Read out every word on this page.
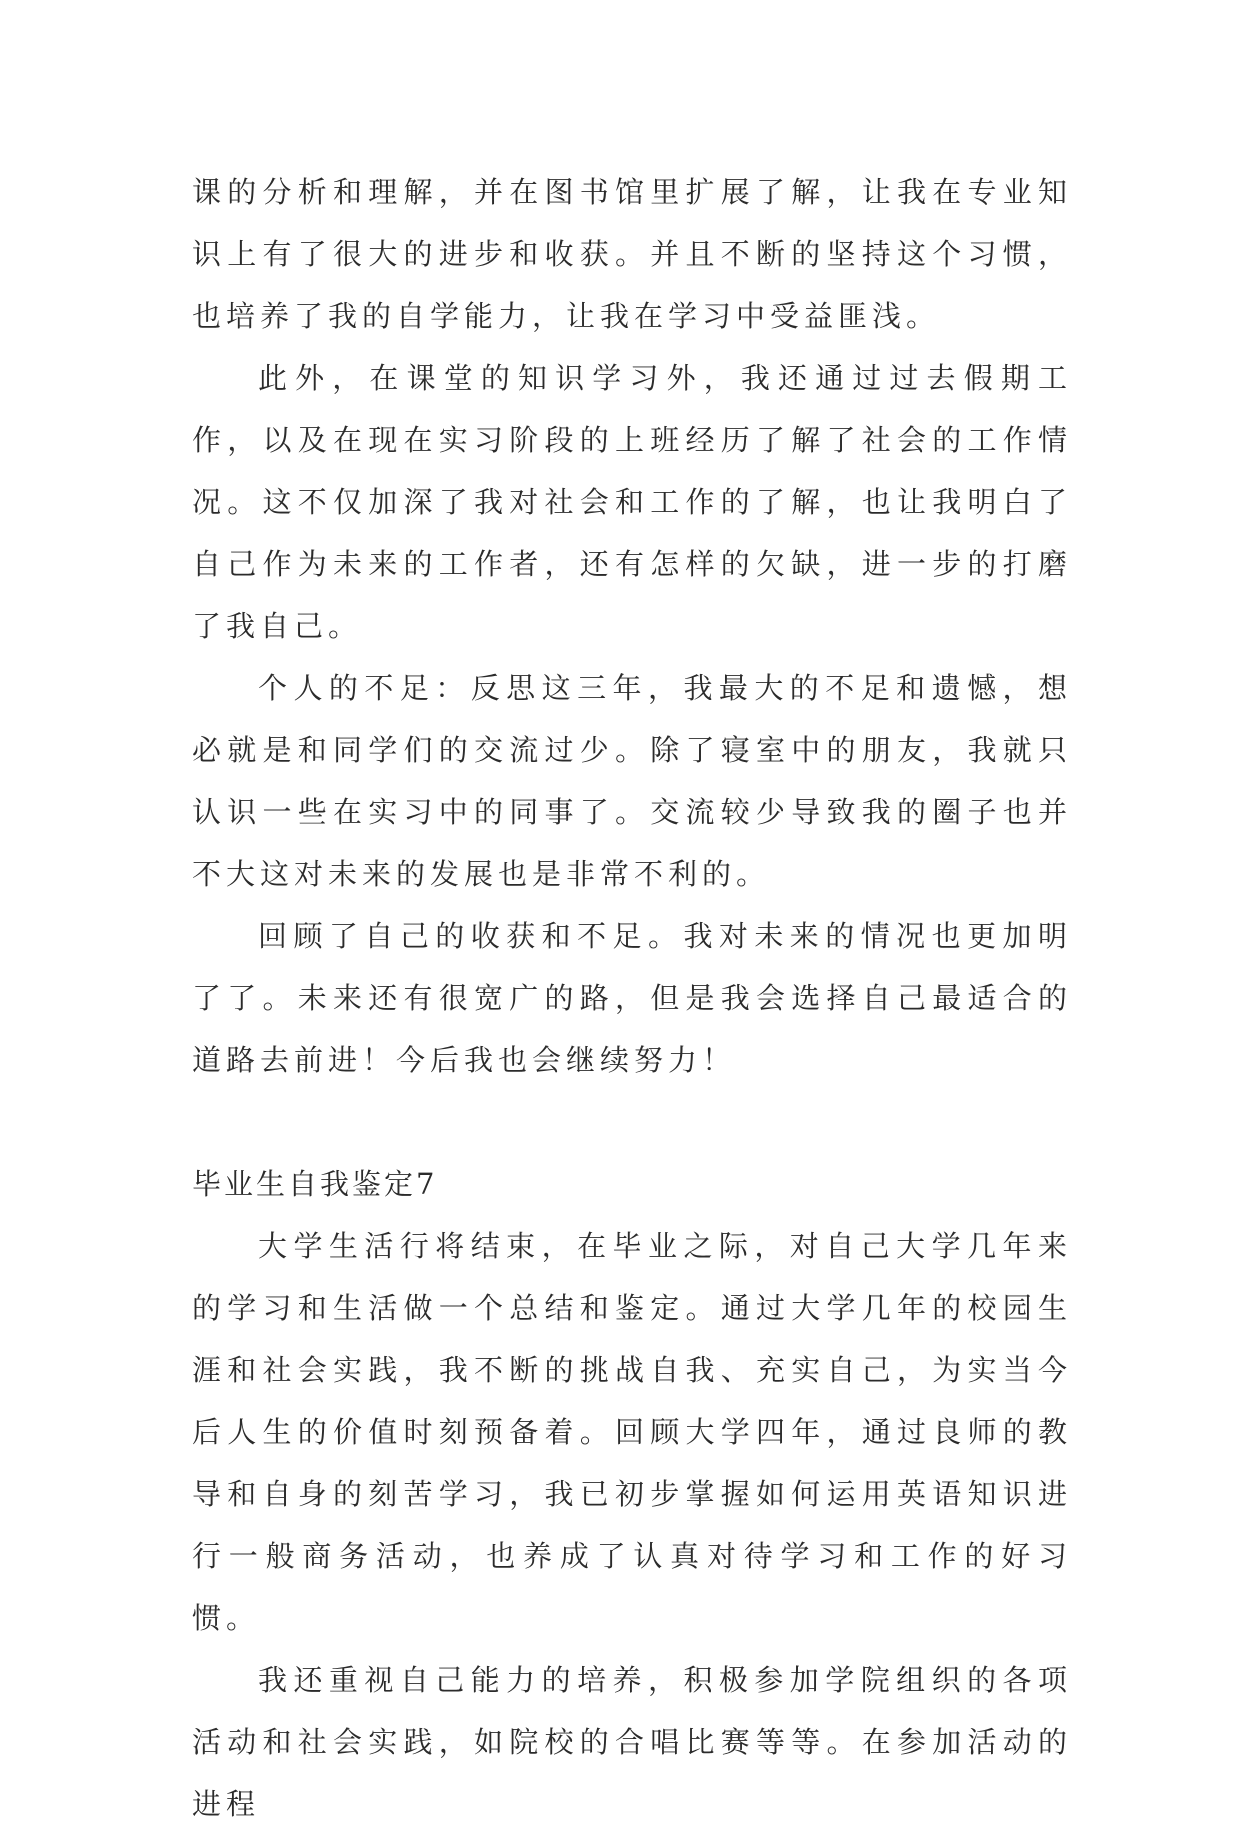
课的分析和理解，并在图书馆里扩展了解，让我在专业知识上有了很大的进步和收获。并且不断的坚持这个习惯，也培养了我的自学能力，让我在学习中受益匪浅。

此外，在课堂的知识学习外，我还通过过去假期工作，以及在现在实习阶段的上班经历了解了社会的工作情况。这不仅加深了我对社会和工作的了解，也让我明白了自己作为未来的工作者，还有怎样的欠缺，进一步的打磨了我自己。

个人的不足：反思这三年，我最大的不足和遗憾，想必就是和同学们的交流过少。除了寝室中的朋友，我就只认识一些在实习中的同事了。交流较少导致我的圈子也并不大这对未来的发展也是非常不利的。

回顾了自己的收获和不足。我对未来的情况也更加明了了。未来还有很宽广的路，但是我会选择自己最适合的道路去前进！今后我也会继续努力！

毕业生自我鉴定7

大学生活行将结束，在毕业之际，对自己大学几年来的学习和生活做一个总结和鉴定。通过大学几年的校园生涯和社会实践，我不断的挑战自我、充实自己，为实当今后人生的价值时刻预备着。回顾大学四年，通过良师的教导和自身的刻苦学习，我已初步掌握如何运用英语知识进行一般商务活动，也养成了认真对待学习和工作的好习惯。

我还重视自己能力的培养，积极参加学院组织的各项活动和社会实践，如院校的合唱比赛等等。在参加活动的进程
